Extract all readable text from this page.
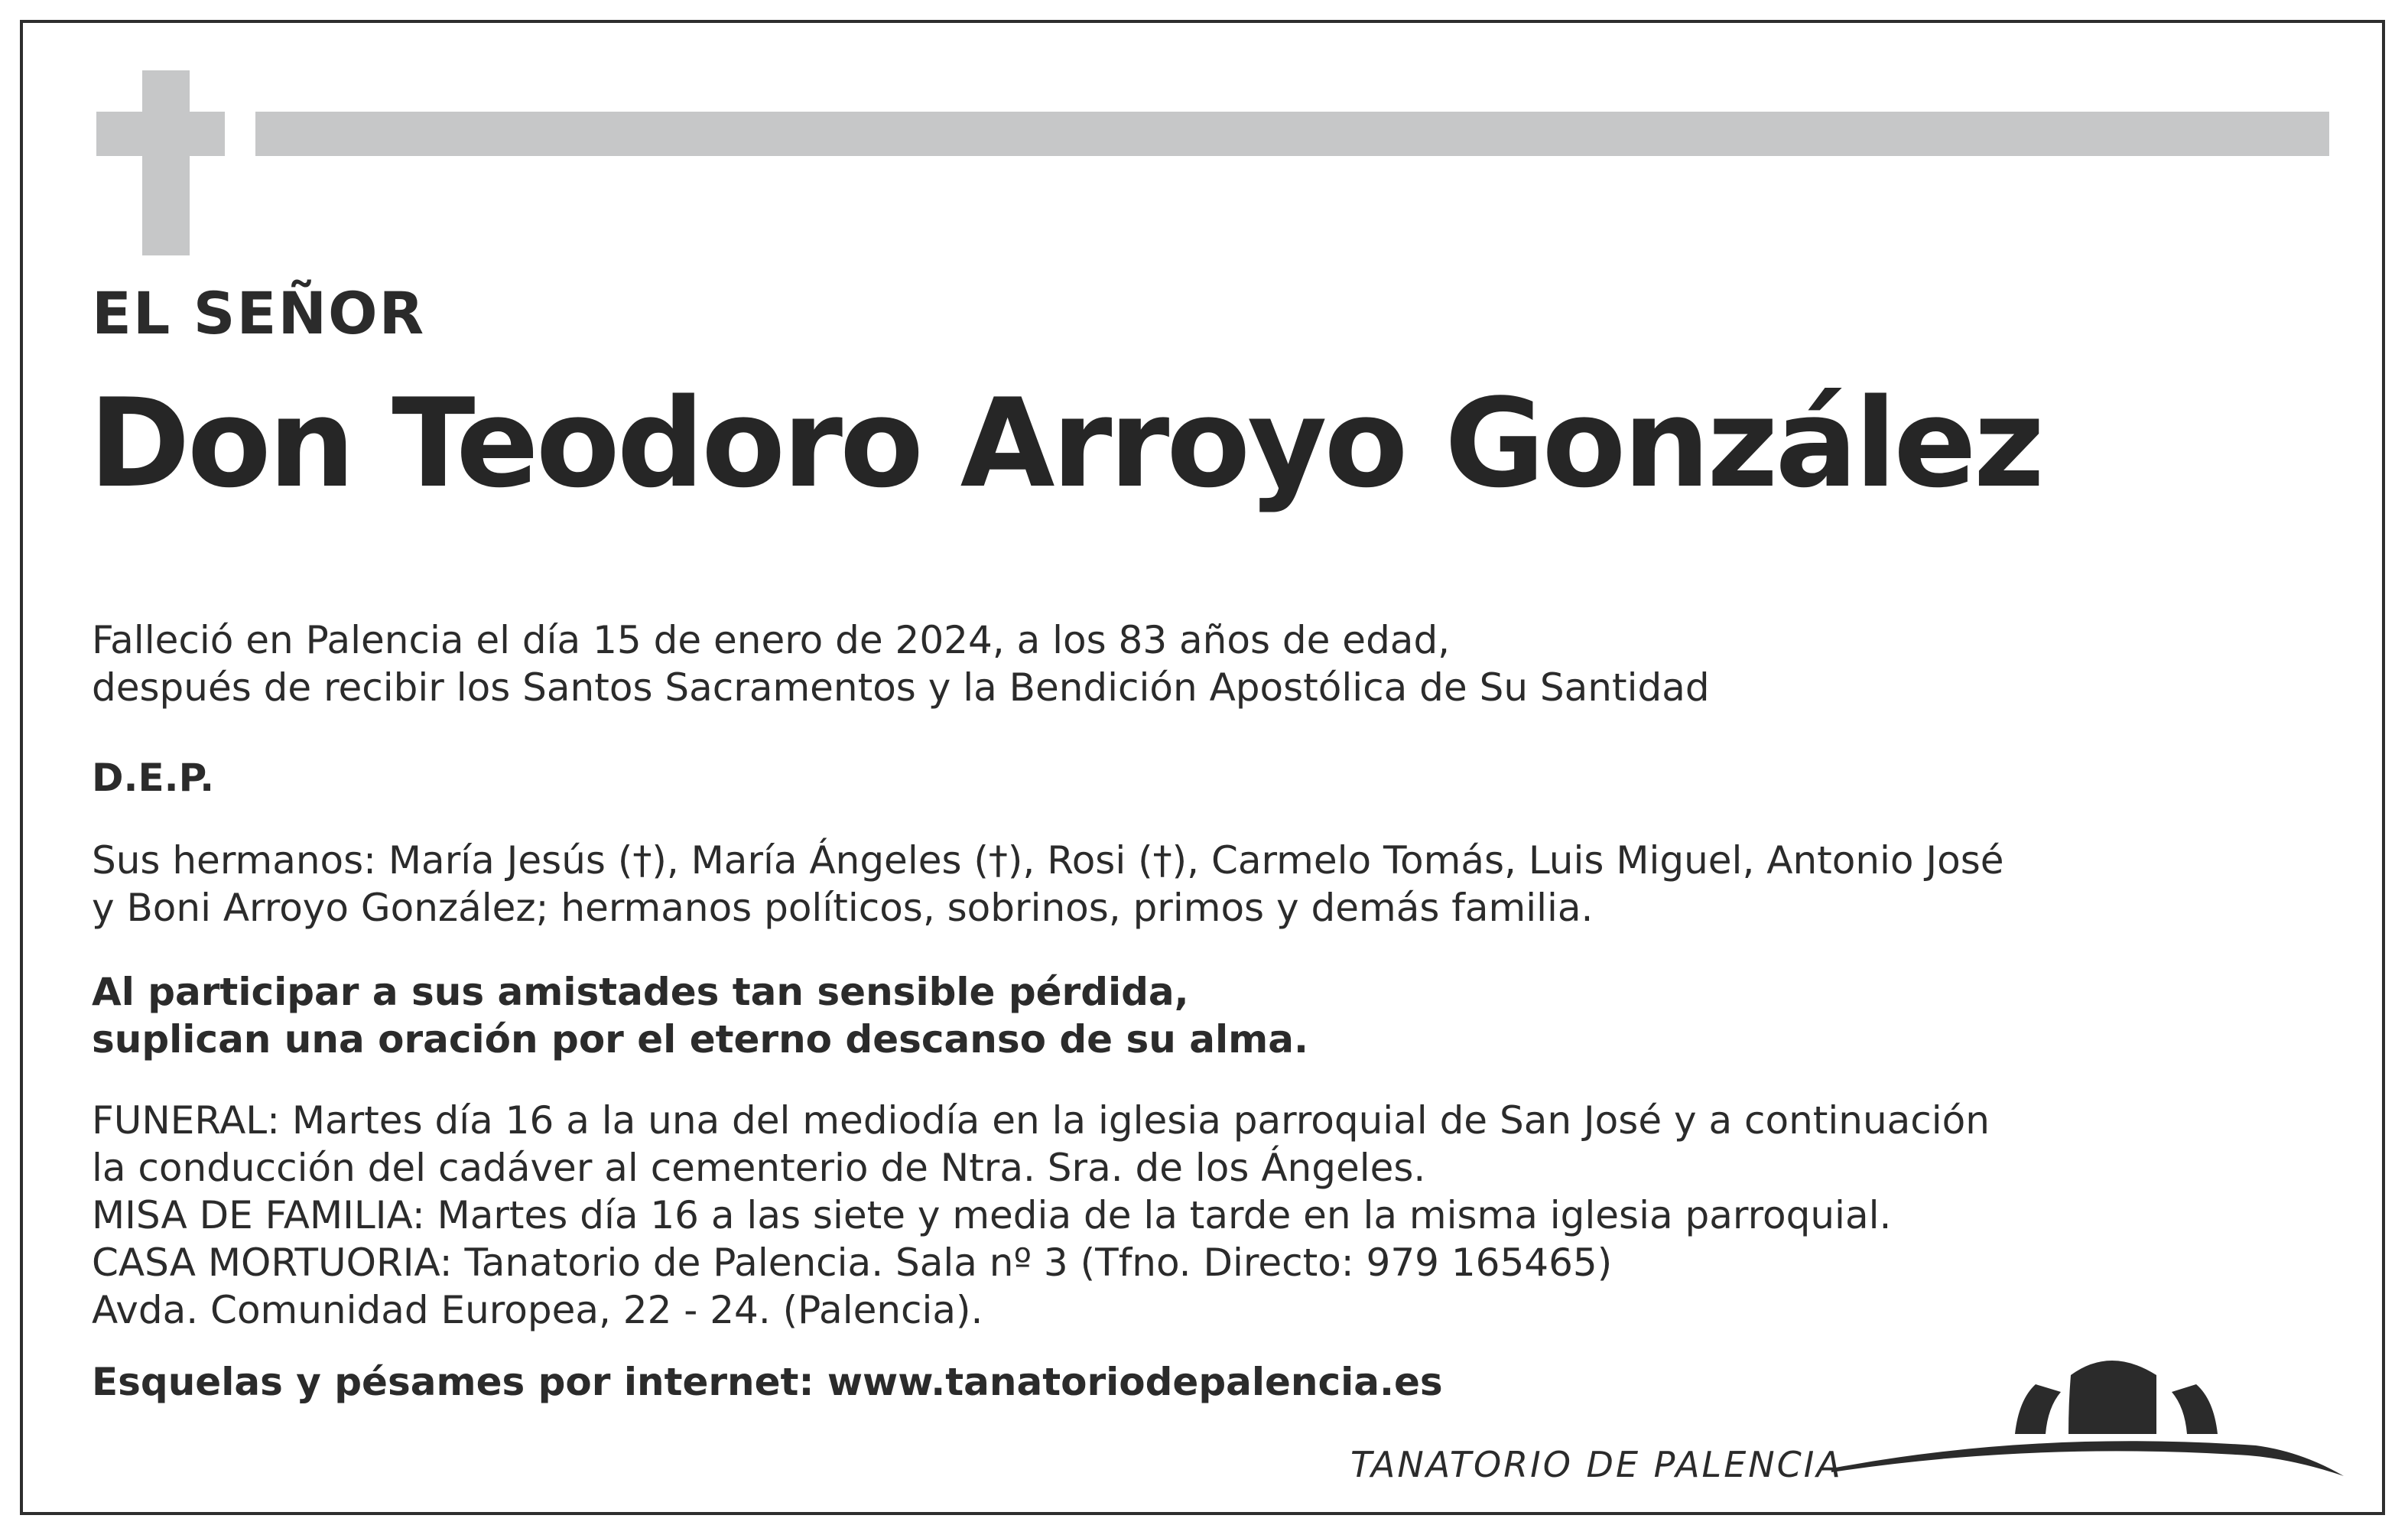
EL SEÑOR
Don Teodoro Arroyo González
Falleció en Palencia el día 15 de enero de 2024, a los 83 años de edad,
después de recibir los Santos Sacramentos y la Bendición Apostólica de Su Santidad
D.E.P.
Sus hermanos: María Jesús (†), María Ángeles (†), Rosi (†), Carmelo Tomás, Luis Miguel, Antonio José
y Boni Arroyo González; hermanos políticos, sobrinos, primos y demás familia.
Al participar a sus amistades tan sensible pérdida,
suplican una oración por el eterno descanso de su alma.
FUNERAL: Martes día 16 a la una del mediodía en la iglesia parroquial de San José y a continuación
la conducción del cadáver al cementerio de Ntra. Sra. de los Ángeles.
MISA DE FAMILIA: Martes día 16 a las siete y media de la tarde en la misma iglesia parroquial.
CASA MORTUORIA: Tanatorio de Palencia. Sala nº 3 (Tfno. Directo: 979 165465)
Avda. Comunidad Europea, 22 - 24. (Palencia).
Esquelas y pésames por internet: www.tanatoriodepalencia.es
TANATORIO DE PALENCIA
